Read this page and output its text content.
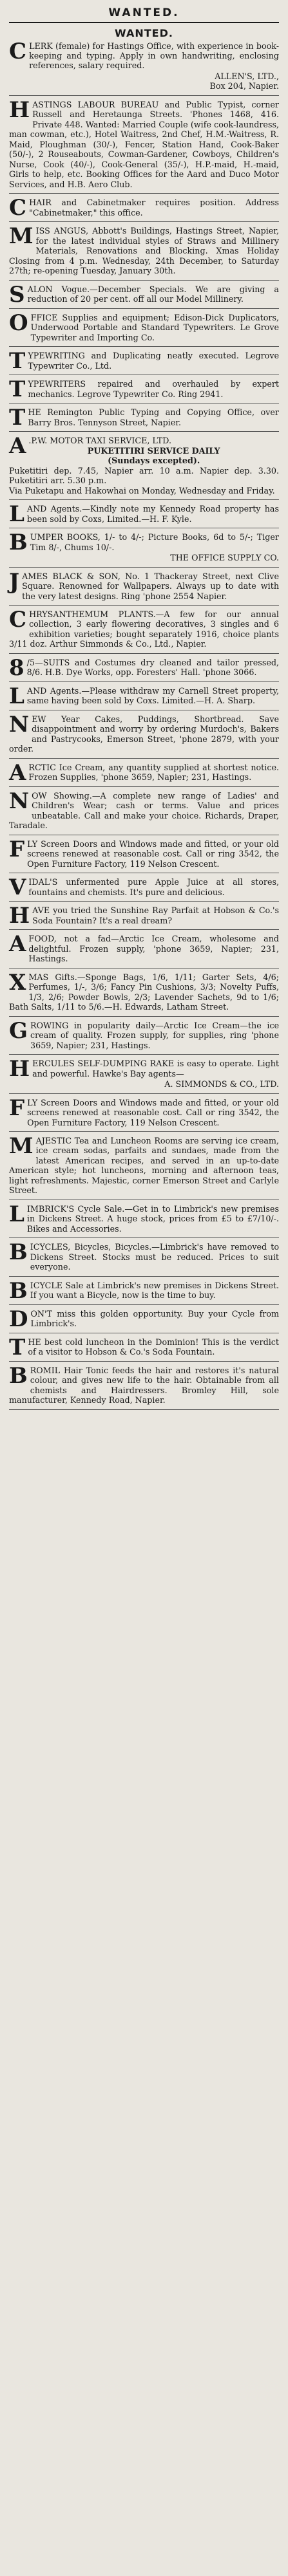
WANTED.
WANTED.
C LERK (female) for Hastings Office, with experience in book-keeping and typing. Apply in own handwriting, enclosing references, salary required.
ALLEN'S, LTD.,
Box 204, Napier.
HASTINGS LABOUR BUREAU and Public Typist, corner Russell and Heretaunga Streets. 'Phones 1468, 416. Private 448. Wanted: Married Couple (wife cook-laundress, man cowman, etc.), Hotel Waitress, 2nd Chef, H.M.-Waitress, R. Maid, Ploughman (30/-), Fencer, Station Hand, Cook-Baker (50/-), 2 Rouseabouts, Cowman-Gardener, Cowboys, Children's Nurse, Cook (40/-), Cook-General (35/-), H.P.-maid, H.-maid, Girls to help, etc. Booking Offices for the Aard and Duco Motor Services, and H.B. Aero Club.
CHAIR and Cabinetmaker requires position. Address "Cabinetmaker," this office.
MISS ANGUS, Abbott's Buildings, Hastings Street, Napier, for the latest individual styles of Straws and Millinery Materials, Renovations and Blocking. Xmas Holiday Closing from 4 p.m. Wednesday, 24th December, to Saturday 27th; re-opening Tuesday, January 30th.
SALON Vogue.—December Specials. We are giving a reduction of 20 per cent. off all our Model Millinery.
OFFICE Supplies and equipment; Edison-Dick Duplicators, Underwood Portable and Standard Typewriters. Le Grove Typewriter and Importing Co.
TYPEWRITING and Duplicating neatly executed. Legrove Typewriter Co., Ltd.
TYPEWRITERS repaired and overhauled by expert mechanics. Legrove Typewriter Co. Ring 2941.
THE Remington Public Typing and Copying Office, over Barry Bros. Tennyson Street, Napier.
A .P.W. MOTOR TAXI SERVICE, LTD.
PUKETITIRI SERVICE DAILY
(Sundays excepted).
Puketitiri dep. 7.45, Napier arr. 10 a.m. Napier dep. 3.30. Puketitiri arr. 5.30 p.m.
Via Puketapu and Hakowhai on Monday, Wednesday and Friday.
LAND Agents.—Kindly note my Kennedy Road property has been sold by Coxs, Limited.—H. F. Kyle.
BUMPER BOOKS, 1/- to 4/-; Picture Books, 6d to 5/-; Tiger Tim 8/-, Chums 10/-.
THE OFFICE SUPPLY CO.
JAMES BLACK & SON, No. 1 Thackeray Street, next Clive Square. Renowned for Wallpapers. Always up to date with the very latest designs. Ring 'phone 2554 Napier.
CHRYSANTHEMUM PLANTS.—A few for our annual collection, 3 early flowering decoratives, 3 singles and 6 exhibition varieties; bought separately 1916, choice plants 3/11 doz. Arthur Simmonds & Co., Ltd., Napier.
8 /5—SUITS and Costumes dry cleaned and tailor pressed, 8/6. H.B. Dye Works, opp. Foresters' Hall. 'phone 3066.
LAND Agents.—Please withdraw my Carnell Street property, same having been sold by Coxs. Limited.—H. A. Sharp.
NEW Year Cakes, Puddings, Shortbread. Save disappointment and worry by ordering Murdoch's, Bakers and Pastrycooks, Emerson Street, 'phone 2879, with your order.
ARCTIC Ice Cream, any quantity supplied at shortest notice. Frozen Supplies, 'phone 3659, Napier; 231, Hastings.
NOW Showing.—A complete new range of Ladies' and Children's Wear; cash or terms. Value and prices unbeatable. Call and make your choice. Richards, Draper, Taradale.
FLY Screen Doors and Windows made and fitted, or your old screens renewed at reasonable cost. Call or ring 3542, the Open Furniture Factory, 119 Nelson Crescent.
VIDAL'S unfermented pure Apple Juice at all stores, fountains and chemists. It's pure and delicious.
HAVE you tried the Sunshine Ray Parfait at Hobson & Co.'s Soda Fountain? It's a real dream?
A FOOD, not a fad—Arctic Ice Cream, wholesome and delightful. Frozen supply, 'phone 3659, Napier; 231, Hastings.
XMAS Gifts.—Sponge Bags, 1/6, 1/11; Garter Sets, 4/6; Perfumes, 1/-, 3/6; Fancy Pin Cushions, 3/3; Novelty Puffs, 1/3, 2/6; Powder Bowls, 2/3; Lavender Sachets, 9d to 1/6; Bath Salts, 1/11 to 5/6.—H. Edwards, Latham Street.
GROWING in popularity daily—Arctic Ice Cream—the ice cream of quality. Frozen supply, for supplies, ring 'phone 3659, Napier; 231, Hastings.
HERCULES SELF-DUMPING RAKE is easy to operate. Light and powerful. Hawke's Bay agents—
A. SIMMONDS & CO., LTD.
FLY Screen Doors and Windows made and fitted, or your old screens renewed at reasonable cost. Call or ring 3542, the Open Furniture Factory, 119 Nelson Crescent.
MAJESTIC Tea and Luncheon Rooms are serving ice cream, ice cream sodas, parfaits and sundaes, made from the latest American recipes, and served in an up-to-date American style; hot luncheons, morning and afternoon teas, light refreshments. Majestic, corner Emerson Street and Carlyle Street.
LIMBRICK'S Cycle Sale.—Get in to Limbrick's new premises in Dickens Street. A huge stock, prices from £5 to £7/10/-. Bikes and Accessories.
BICYCLES, Bicycles, Bicycles.—Limbrick's have removed to Dickens Street. Stocks must be reduced. Prices to suit everyone.
BICYCLE Sale at Limbrick's new premises in Dickens Street. If you want a Bicycle, now is the time to buy.
DON'T miss this golden opportunity. Buy your Cycle from Limbrick's.
THE best cold luncheon in the Dominion! This is the verdict of a visitor to Hobson & Co.'s Soda Fountain.
BROMIL Hair Tonic feeds the hair and restores it's natural colour, and gives new life to the hair. Obtainable from all chemists and Hairdressers. Bromley Hill, sole manufacturer, Kennedy Road, Napier.
